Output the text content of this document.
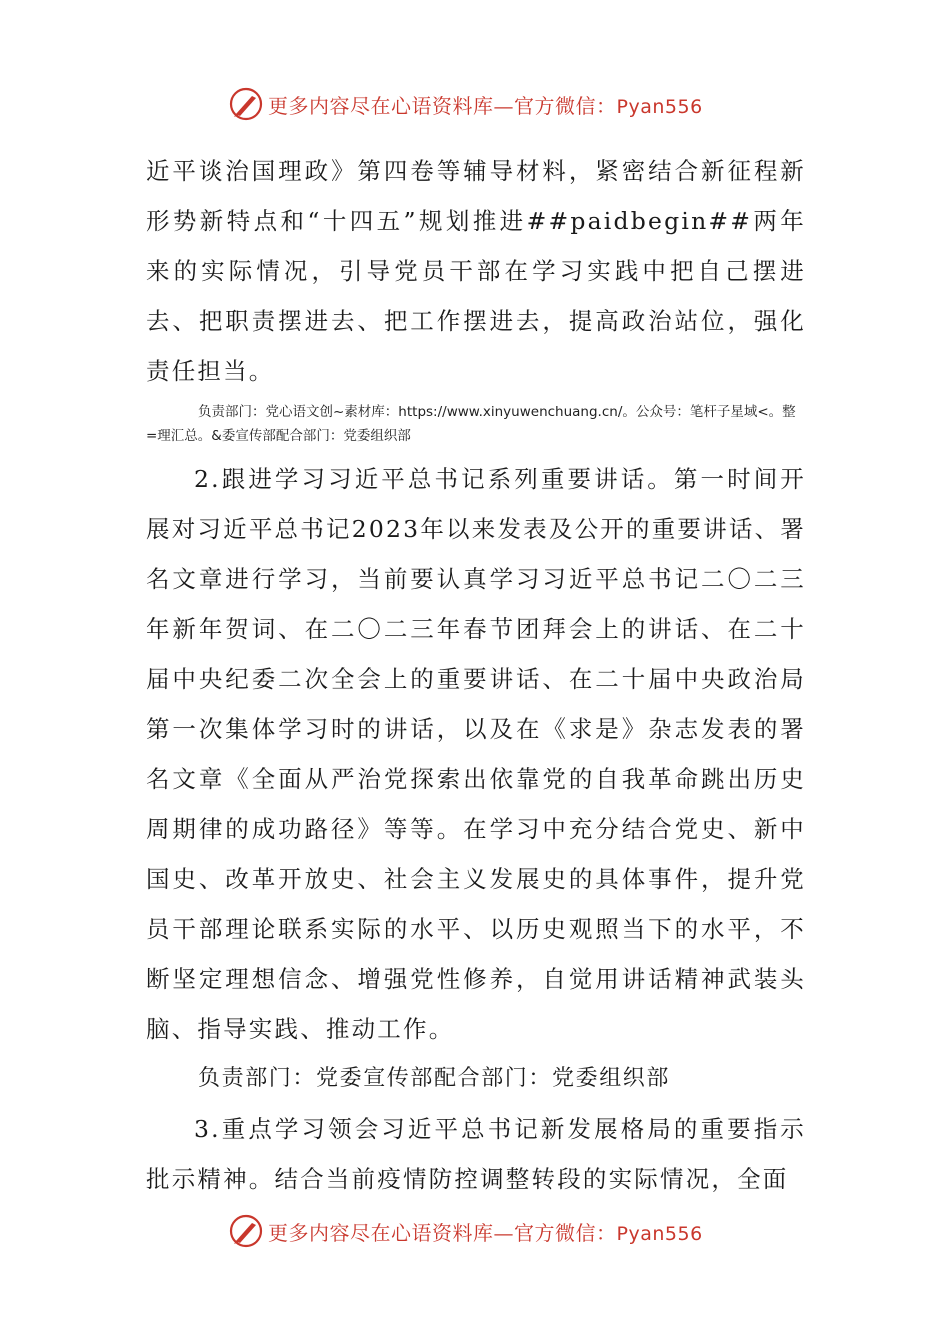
更多内容尽在心语资料库—官方微信：Pyan556

近平谈治国理政》第四卷等辅导材料，紧密结合新征程新形势新特点和“十四五”规划推进##paidbegin##两年来的实际情况，引导党员干部在学习实践中把自己摆进去、把职责摆进去、把工作摆进去，提高政治站位，强化责任担当。

负责部门：党心语文创~素材库：https://www.xinyuwenchuang.cn/。公众号：笔杆子星域<。整=理汇总。&委宣传部配合部门：党委组织部

2.跟进学习习近平总书记系列重要讲话。第一时间开展对习近平总书记2023年以来发表及公开的重要讲话、署名文章进行学习，当前要认真学习习近平总书记二〇二三年新年贺词、在二〇二三年春节团拜会上的讲话、在二十届中央纪委二次全会上的重要讲话、在二十届中央政治局第一次集体学习时的讲话，以及在《求是》杂志发表的署名文章《全面从严治党探索出依靠党的自我革命跳出历史周期律的成功路径》等等。在学习中充分结合党史、新中国史、改革开放史、社会主义发展史的具体事件，提升党员干部理论联系实际的水平、以历史观照当下的水平，不断坚定理想信念、增强党性修养，自觉用讲话精神武装头脑、指导实践、推动工作。

负责部门：党委宣传部配合部门：党委组织部

3.重点学习领会习近平总书记新发展格局的重要指示批示精神。结合当前疫情防控调整转段的实际情况，全面

更多内容尽在心语资料库—官方微信：Pyan556
